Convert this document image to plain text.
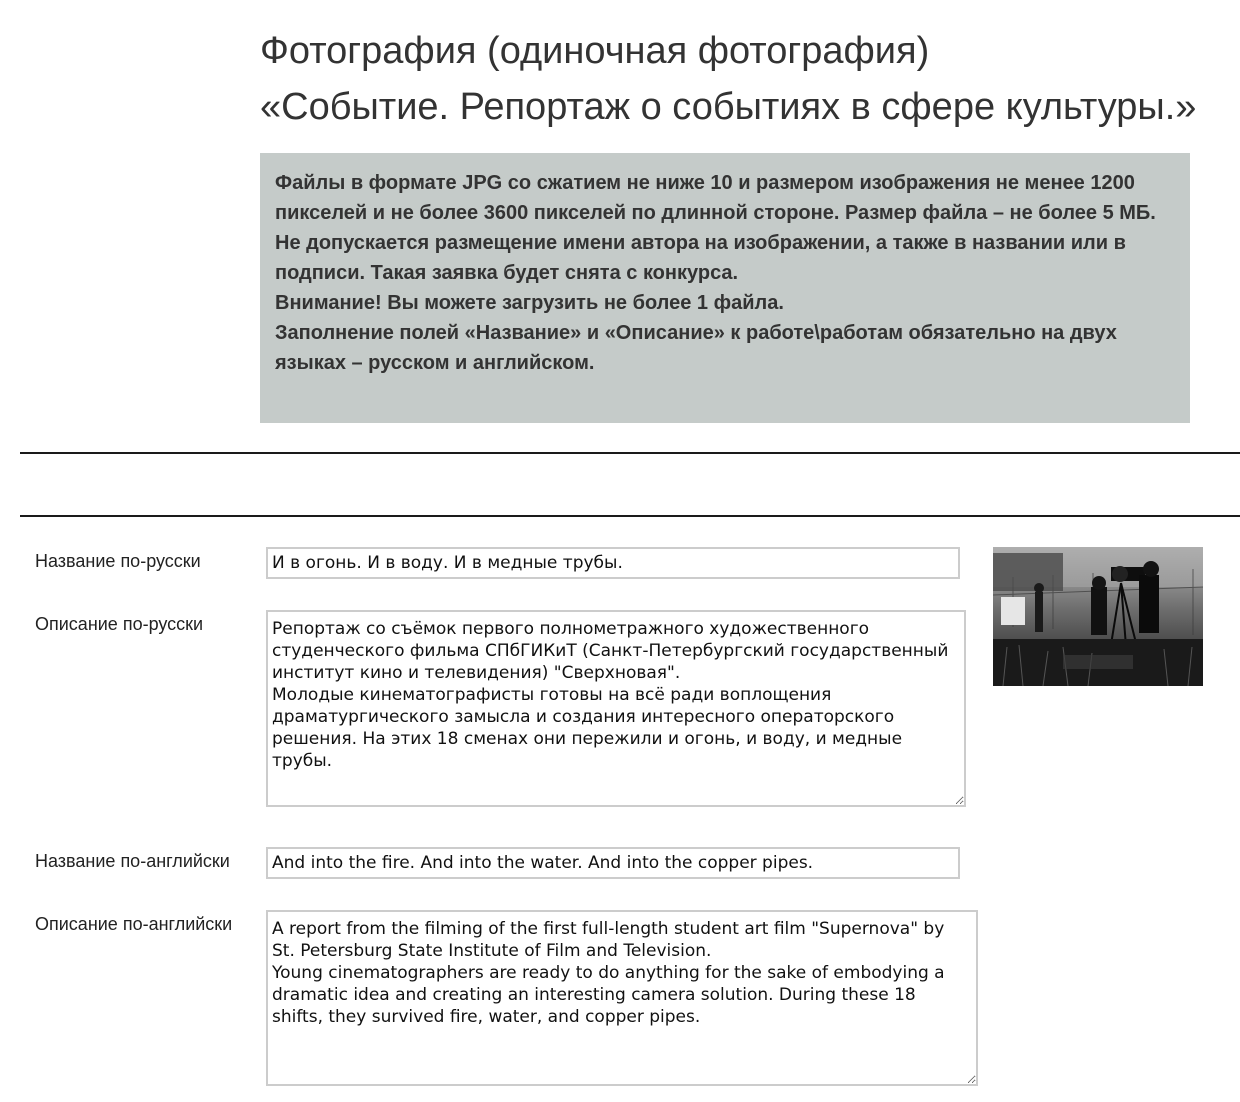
Фотография (одиночная фотография)
«Событие. Репортаж о событиях в сфере культуры.»

Файлы в формате JPG со сжатием не ниже 10 и размером изображения не менее 1200 пикселей и не более 3600 пикселей по длинной стороне. Размер файла – не более 5 МБ.

Не допускается размещение имени автора на изображении, а также в названии или в подписи. Такая заявка будет снята с конкурса.

Внимание! Вы можете загрузить не более 1 файла.

Заполнение полей «Название» и «Описание» к работе\работам обязательно на двух языках – русском и английском.

Название по-русски
И в огонь. И в воду. И в медные трубы.
Описание по-русски
Репортаж со съёмок первого полнометражного художественного студенческого фильма СПбГИКиТ (Санкт-Петербургский государственный институт кино и телевидения) "Сверхновая". Молодые кинематографисты готовы на всё ради воплощения драматургического замысла и создания интересного операторского решения. На этих 18 сменах они пережили и огонь, и воду, и медные трубы.
Название по-английски
And into the fire. And into the water. And into the copper pipes.
Описание по-английски
A report from the filming of the first full-length student art film "Supernova" by St. Petersburg State Institute of Film and Television. Young cinematographers are ready to do anything for the sake of embodying a dramatic idea and creating an interesting camera solution. During these 18 shifts, they survived fire, water, and copper pipes.
